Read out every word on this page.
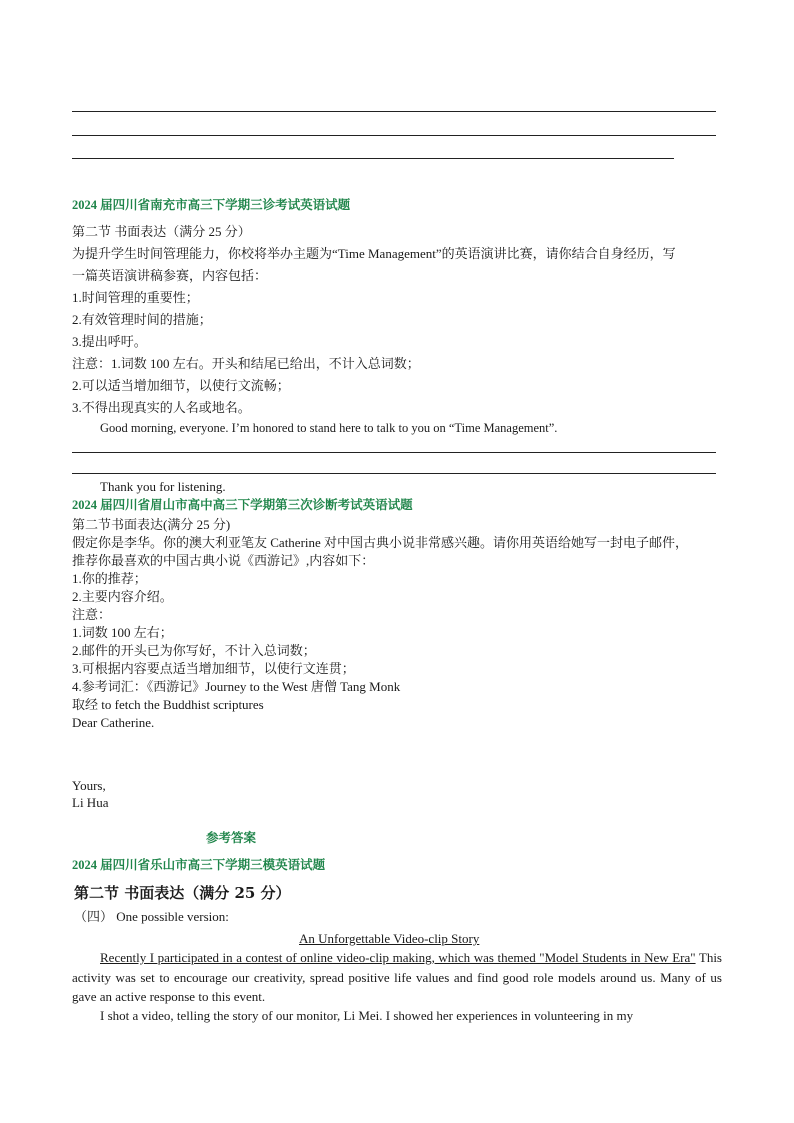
2024 届四川省南充市高三下学期三诊考试英语试题
第二节 书面表达（满分 25 分）
为提升学生时间管理能力，你校将举办主题为“Time Management”的英语演讲比赛，请你结合自身经历，写
一篇英语演讲稿参赛，内容包括：
1.时间管理的重要性；
2.有效管理时间的措施；
3.提出呼吁。
注意：1.词数 100 左右。开头和结尾已给出，不计入总词数；
2.可以适当增加细节，以使行文流畅；
3.不得出现真实的人名或地名。
Good morning, everyone. I’m honored to stand here to talk to you on “Time Management”.
Thank you for listening.
2024 届四川省眉山市高中高三下学期第三次诊断考试英语试题
第二节书面表达(满分 25 分)
假定你是李华。你的澳大利亚笔友 Catherine 对中国古典小说非常感兴趣。请你用英语给她写一封电子邮件，
推荐你最喜欢的中国古典小说《西游记》,内容如下：
1.你的推荐；
2.主要内容介绍。
注意：
1.词数 100 左右；
2.邮件的开头已为你写好，不计入总词数；
3.可根据内容要点适当增加细节，以使行文连贯；
4.参考词汇：《西游记》Journey to the West 唐僧 Tang Monk
取经 to fetch the Buddhist scriptures
Dear Catherine.
Yours,
Li Hua
参考答案
2024 届四川省乐山市高三下学期三模英语试题
第二节 书面表达（满分 25 分）
（四） One possible version:
An Unforgettable Video-clip Story
Recently I participated in a contest of online video-clip making, which was themed "Model Students in New Era" This activity was set to encourage our creativity, spread positive life values and find good role models around us. Many of us gave an active response to this event.
I shot a video, telling the story of our monitor, Li Mei. I showed her experiences in volunteering in my
